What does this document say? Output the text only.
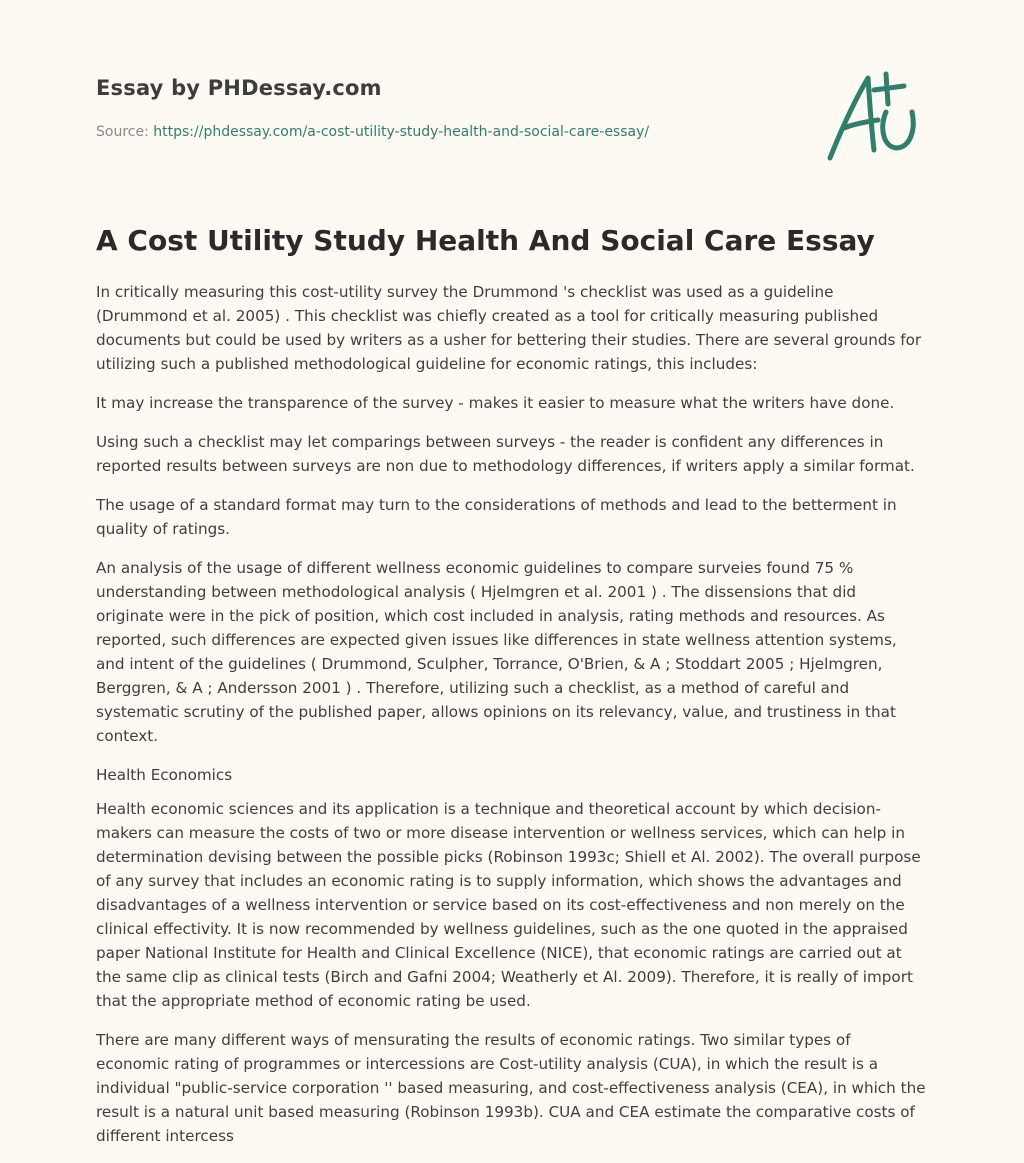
Essay by PHDessay.com
Source: https://phdessay.com/a-cost-utility-study-health-and-social-care-essay/
A Cost Utility Study Health And Social Care Essay

In critically measuring this cost-utility survey the Drummond 's checklist was used as a guideline (Drummond et al. 2005) . This checklist was chiefly created as a tool for critically measuring published documents but could be used by writers as a usher for bettering their studies. There are several grounds for utilizing such a published methodological guideline for economic ratings, this includes:

It may increase the transparence of the survey - makes it easier to measure what the writers have done.

Using such a checklist may let comparings between surveys - the reader is confident any differences in reported results between surveys are non due to methodology differences, if writers apply a similar format.

The usage of a standard format may turn to the considerations of methods and lead to the betterment in quality of ratings.

An analysis of the usage of different wellness economic guidelines to compare surveies found 75 % understanding between methodological analysis ( Hjelmgren et al. 2001 ) . The dissensions that did originate were in the pick of position, which cost included in analysis, rating methods and resources. As reported, such differences are expected given issues like differences in state wellness attention systems, and intent of the guidelines ( Drummond, Sculpher, Torrance, O'Brien, & A ; Stoddart 2005 ; Hjelmgren, Berggren, & A ; Andersson 2001 ) . Therefore, utilizing such a checklist, as a method of careful and systematic scrutiny of the published paper, allows opinions on its relevancy, value, and trustiness in that context.

Health Economics

Health economic sciences and its application is a technique and theoretical account by which decision-makers can measure the costs of two or more disease intervention or wellness services, which can help in determination devising between the possible picks (Robinson 1993c; Shiell et Al. 2002). The overall purpose of any survey that includes an economic rating is to supply information, which shows the advantages and disadvantages of a wellness intervention or service based on its cost-effectiveness and non merely on the clinical effectivity. It is now recommended by wellness guidelines, such as the one quoted in the appraised paper National Institute for Health and Clinical Excellence (NICE), that economic ratings are carried out at the same clip as clinical tests (Birch and Gafni 2004; Weatherly et Al. 2009). Therefore, it is really of import that the appropriate method of economic rating be used.

There are many different ways of mensurating the results of economic ratings. Two similar types of economic rating of programmes or intercessions are Cost-utility analysis (CUA), in which the result is a individual "public-service corporation '' based measuring, and cost-effectiveness analysis (CEA), in which the result is a natural unit based measuring (Robinson 1993b). CUA and CEA estimate the comparative costs of different intercess
